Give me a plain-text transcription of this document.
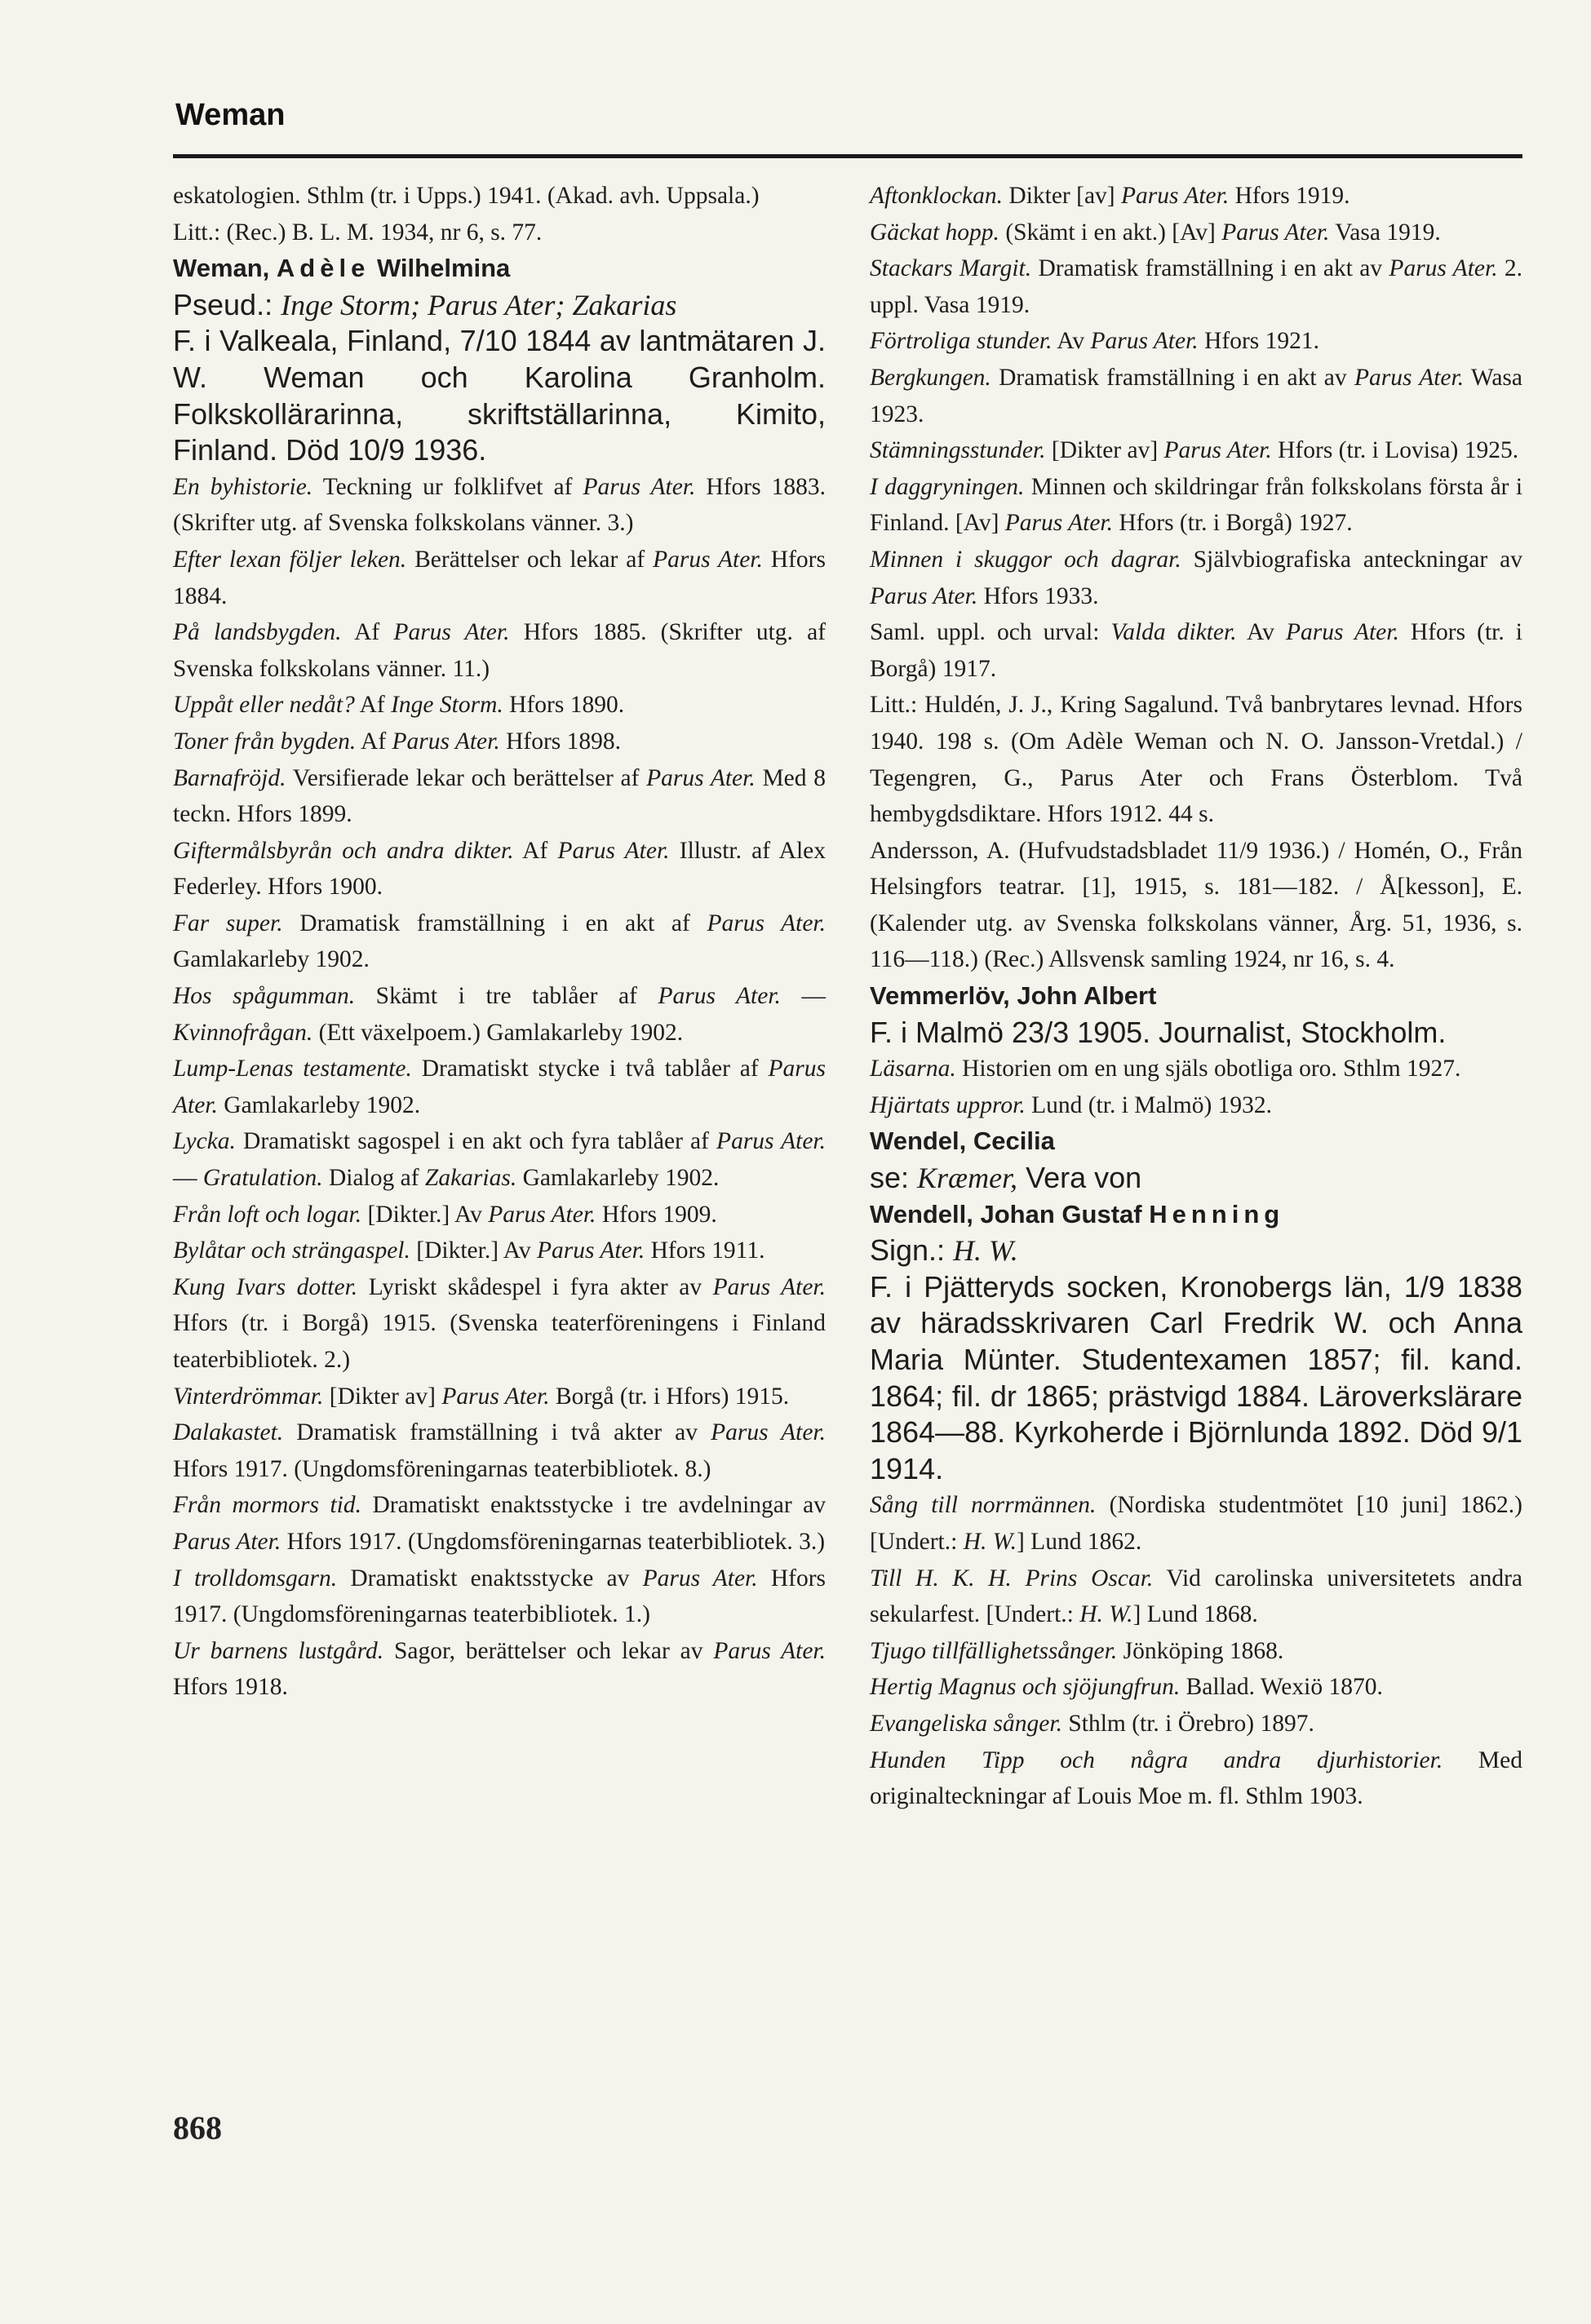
Weman

eskatologien. Sthlm (tr. i Upps.) 1941. (Akad. avh. Uppsala.)

Litt.: (Rec.) B. L. M. 1934, nr 6, s. 77.

Weman, Adèle Wilhelmina

Pseud.: Inge Storm; Parus Ater; Zakarias

F. i Valkeala, Finland, 7/10 1844 av lantmätaren J. W. Weman och Karolina Granholm. Folkskollärarinna, skriftställarinna, Kimito, Finland. Död 10/9 1936.

En byhistorie. Teckning ur folklifvet af Parus Ater. Hfors 1883. (Skrifter utg. af Svenska folkskolans vänner. 3.)

Efter lexan följer leken. Berättelser och lekar af Parus Ater. Hfors 1884.

På landsbygden. Af Parus Ater. Hfors 1885. (Skrifter utg. af Svenska folkskolans vänner. 11.)

Uppåt eller nedåt? Af Inge Storm. Hfors 1890.

Toner från bygden. Af Parus Ater. Hfors 1898.

Barnafröjd. Versifierade lekar och berättelser af Parus Ater. Med 8 teckn. Hfors 1899.

Giftermålsbyrån och andra dikter. Af Parus Ater. Illustr. af Alex Federley. Hfors 1900.

Far super. Dramatisk framställning i en akt af Parus Ater. Gamlakarleby 1902.

Hos spågumman. Skämt i tre tablåer af Parus Ater. — Kvinnofrågan. (Ett växelpoem.) Gamlakarleby 1902.

Lump-Lenas testamente. Dramatiskt stycke i två tablåer af Parus Ater. Gamlakarleby 1902.

Lycka. Dramatiskt sagospel i en akt och fyra tablåer af Parus Ater. — Gratulation. Dialog af Zakarias. Gamlakarleby 1902.

Från loft och logar. [Dikter.] Av Parus Ater. Hfors 1909.

Bylåtar och strängaspel. [Dikter.] Av Parus Ater. Hfors 1911.

Kung Ivars dotter. Lyriskt skådespel i fyra akter av Parus Ater. Hfors (tr. i Borgå) 1915. (Svenska teaterföreningens i Finland teaterbibliotek. 2.)

Vinterdrömmar. [Dikter av] Parus Ater. Borgå (tr. i Hfors) 1915.

Dalakastet. Dramatisk framställning i två akter av Parus Ater. Hfors 1917. (Ungdomsföreningarnas teaterbibliotek. 8.)

Från mormors tid. Dramatiskt enaktsstycke i tre avdelningar av Parus Ater. Hfors 1917. (Ungdomsföreningarnas teaterbibliotek. 3.)

I trolldomsgarn. Dramatiskt enaktsstycke av Parus Ater. Hfors 1917. (Ungdomsföreningarnas teaterbibliotek. 1.)

Ur barnens lustgård. Sagor, berättelser och lekar av Parus Ater. Hfors 1918.

Aftonklockan. Dikter [av] Parus Ater. Hfors 1919.

Gäckat hopp. (Skämt i en akt.) [Av] Parus Ater. Vasa 1919.

Stackars Margit. Dramatisk framställning i en akt av Parus Ater. 2. uppl. Vasa 1919.

Förtroliga stunder. Av Parus Ater. Hfors 1921.

Bergkungen. Dramatisk framställning i en akt av Parus Ater. Wasa 1923.

Stämningsstunder. [Dikter av] Parus Ater. Hfors (tr. i Lovisa) 1925.

I daggryningen. Minnen och skildringar från folkskolans första år i Finland. [Av] Parus Ater. Hfors (tr. i Borgå) 1927.

Minnen i skuggor och dagrar. Självbiografiska anteckningar av Parus Ater. Hfors 1933.

Saml. uppl. och urval: Valda dikter. Av Parus Ater. Hfors (tr. i Borgå) 1917.

Litt.: Huldén, J. J., Kring Sagalund. Två banbrytares levnad. Hfors 1940. 198 s. (Om Adèle Weman och N. O. Jansson-Vretdal.) / Tegengren, G., Parus Ater och Frans Österblom. Två hembygdsdiktare. Hfors 1912. 44 s.

Andersson, A. (Hufvudstadsbladet 11/9 1936.) / Homén, O., Från Helsingfors teatrar. [1], 1915, s. 181—182. / Å[kesson], E. (Kalender utg. av Svenska folkskolans vänner, Årg. 51, 1936, s. 116—118.) (Rec.) Allsvensk samling 1924, nr 16, s. 4.

Vemmerlöv, John Albert

F. i Malmö 23/3 1905. Journalist, Stockholm.

Läsarna. Historien om en ung själs obotliga oro. Sthlm 1927.

Hjärtats uppror. Lund (tr. i Malmö) 1932.

Wendel, Cecilia

se: Kræmer, Vera von

Wendell, Johan Gustaf Henning

Sign.: H. W.

F. i Pjätteryds socken, Kronobergs län, 1/9 1838 av häradsskrivaren Carl Fredrik W. och Anna Maria Münter. Studentexamen 1857; fil. kand. 1864; fil. dr 1865; prästvigd 1884. Läroverkslärare 1864—88. Kyrkoherde i Björnlunda 1892. Död 9/1 1914.

Sång till norrmännen. (Nordiska studentmötet [10 juni] 1862.) [Undert.: H. W.] Lund 1862.

Till H. K. H. Prins Oscar. Vid carolinska universitetets andra sekularfest. [Undert.: H. W.] Lund 1868.

Tjugo tillfällighetssånger. Jönköping 1868.

Hertig Magnus och sjöjungfrun. Ballad. Wexiö 1870.

Evangeliska sånger. Sthlm (tr. i Örebro) 1897.

Hunden Tipp och några andra djurhistorier. Med originalteckningar af Louis Moe m. fl. Sthlm 1903.

868
